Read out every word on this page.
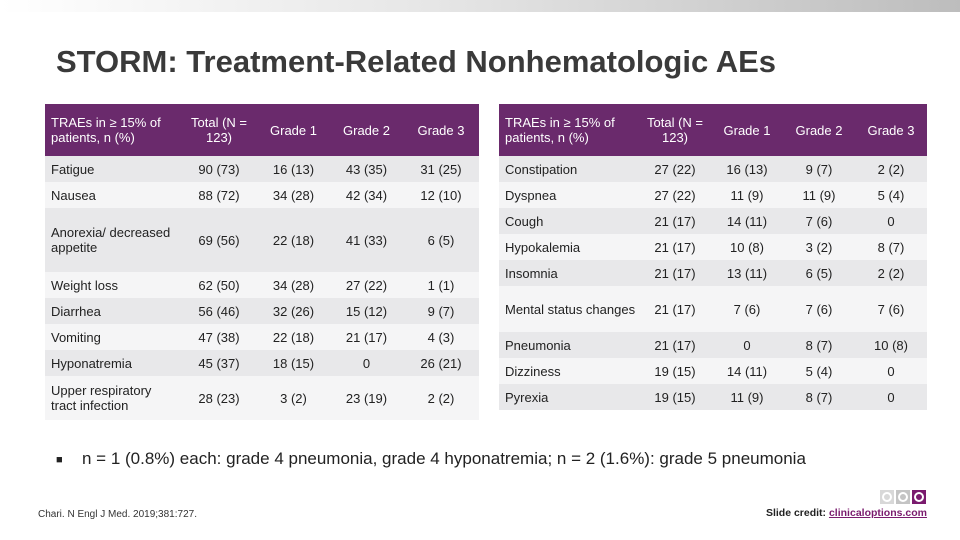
STORM: Treatment-Related Nonhematologic AEs
TRAEs in ≥ 15% of patients, n (%)	Total (N = 123)	Grade 1	Grade 2	Grade 3
Fatigue	90 (73)	16 (13)	43 (35)	31 (25)
Nausea	88 (72)	34 (28)	42 (34)	12 (10)

Anorexia/ decreased appetite	69 (56)	22 (18)	41 (33)	6 (5)
Weight loss	62 (50)	34 (28)	27 (22)	1 (1)
Diarrhea	56 (46)	32 (26)	15 (12)	9 (7)
Vomiting	47 (38)	22 (18)	21 (17)	4 (3)
Hyponatremia	45 (37)	18 (15)	0	26 (21)
Upper respiratory tract infection	28 (23)	3 (2)	23 (19)	2 (2)
TRAEs in ≥ 15% of patients, n (%)	Total (N = 123)	Grade 1	Grade 2	Grade 3
Constipation	27 (22)	16 (13)	9 (7)	2 (2)
Dyspnea	27 (22)	11 (9)	11 (9)	5 (4)
Cough	21 (17)	14 (11)	7 (6)	0
Hypokalemia	21 (17)	10 (8)	3 (2)	8 (7)
Insomnia	21 (17)	13 (11)	6 (5)	2 (2)
Mental status changes	21 (17)	7 (6)	7 (6)	7 (6)
Pneumonia	21 (17)	0	8 (7)	10 (8)
Dizziness	19 (15)	14 (11)	5 (4)	0
Pyrexia	19 (15)	11 (9)	8 (7)	0
■ n = 1 (0.8%) each: grade 4 pneumonia, grade 4 hyponatremia; n = 2 (1.6%): grade 5 pneumonia
Chari. N Engl J Med. 2019;381:727.	Slide credit: clinicaloptions.com
